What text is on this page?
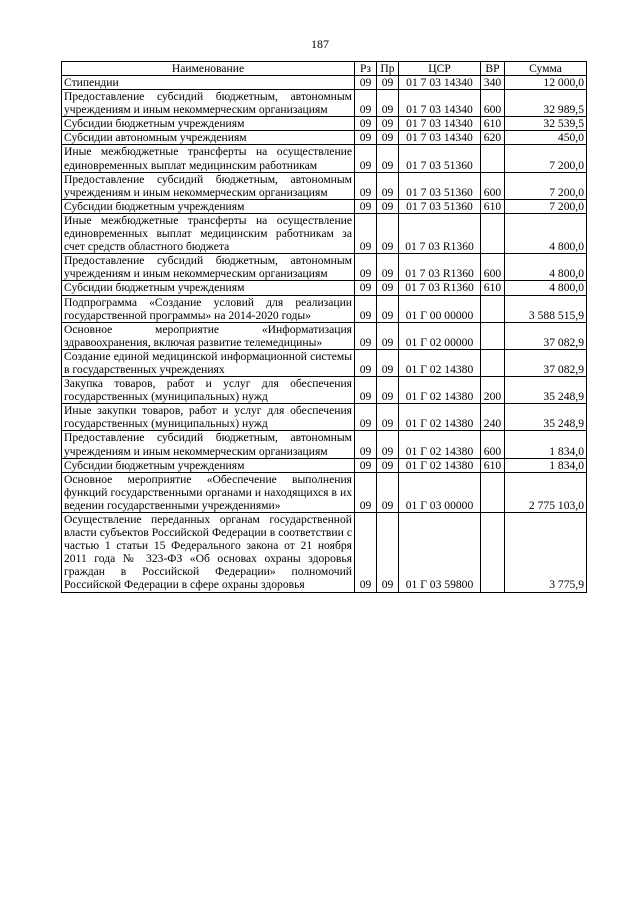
187
Наименование	Рз	Пр	ЦСР	ВР	Сумма
Стипендии	09	09	01 7 03 14340	340	12 000,0
Предоставление субсидий бюджетным, автономным учреждениям и иным некоммерческим организациям	09	09	01 7 03 14340	600	32 989,5
Субсидии бюджетным учреждениям	09	09	01 7 03 14340	610	32 539,5
Субсидии автономным учреждениям	09	09	01 7 03 14340	620	450,0
Иные межбюджетные трансферты на осуществление единовременных выплат медицинским работникам	09	09	01 7 03 51360		7 200,0
Предоставление субсидий бюджетным, автономным учреждениям и иным некоммерческим организациям	09	09	01 7 03 51360	600	7 200,0
Субсидии бюджетным учреждениям	09	09	01 7 03 51360	610	7 200,0
Иные межбюджетные трансферты на осуществление единовременных выплат медицинским работникам за счет средств областного бюджета	09	09	01 7 03 R1360		4 800,0
Предоставление субсидий бюджетным, автономным учреждениям и иным некоммерческим организациям	09	09	01 7 03 R1360	600	4 800,0
Субсидии бюджетным учреждениям	09	09	01 7 03 R1360	610	4 800,0
Подпрограмма «Создание условий для реализации государственной программы» на 2014-2020 годы»	09	09	01 Г 00 00000		3 588 515,9
Основное мероприятие «Информатизация здравоохранения, включая развитие телемедицины»	09	09	01 Г 02 00000		37 082,9
Создание единой медицинской информационной системы в государственных учреждениях	09	09	01 Г 02 14380		37 082,9
Закупка товаров, работ и услуг для обеспечения государственных (муниципальных) нужд	09	09	01 Г 02 14380	200	35 248,9
Иные закупки товаров, работ и услуг для обеспечения государственных (муниципальных) нужд	09	09	01 Г 02 14380	240	35 248,9
Предоставление субсидий бюджетным, автономным учреждениям и иным некоммерческим организациям	09	09	01 Г 02 14380	600	1 834,0
Субсидии бюджетным учреждениям	09	09	01 Г 02 14380	610	1 834,0
Основное мероприятие «Обеспечение выполнения функций государственными органами и находящихся в их ведении государственными учреждениями»	09	09	01 Г 03 00000		2 775 103,0
Осуществление переданных органам государственной власти субъектов Российской Федерации в соответствии с частью 1 статьи 15 Федерального закона от 21 ноября 2011 года № 323-ФЗ «Об основах охраны здоровья граждан в Российской Федерации» полномочий Российской Федерации в сфере охраны здоровья	09	09	01 Г 03 59800		3 775,9
